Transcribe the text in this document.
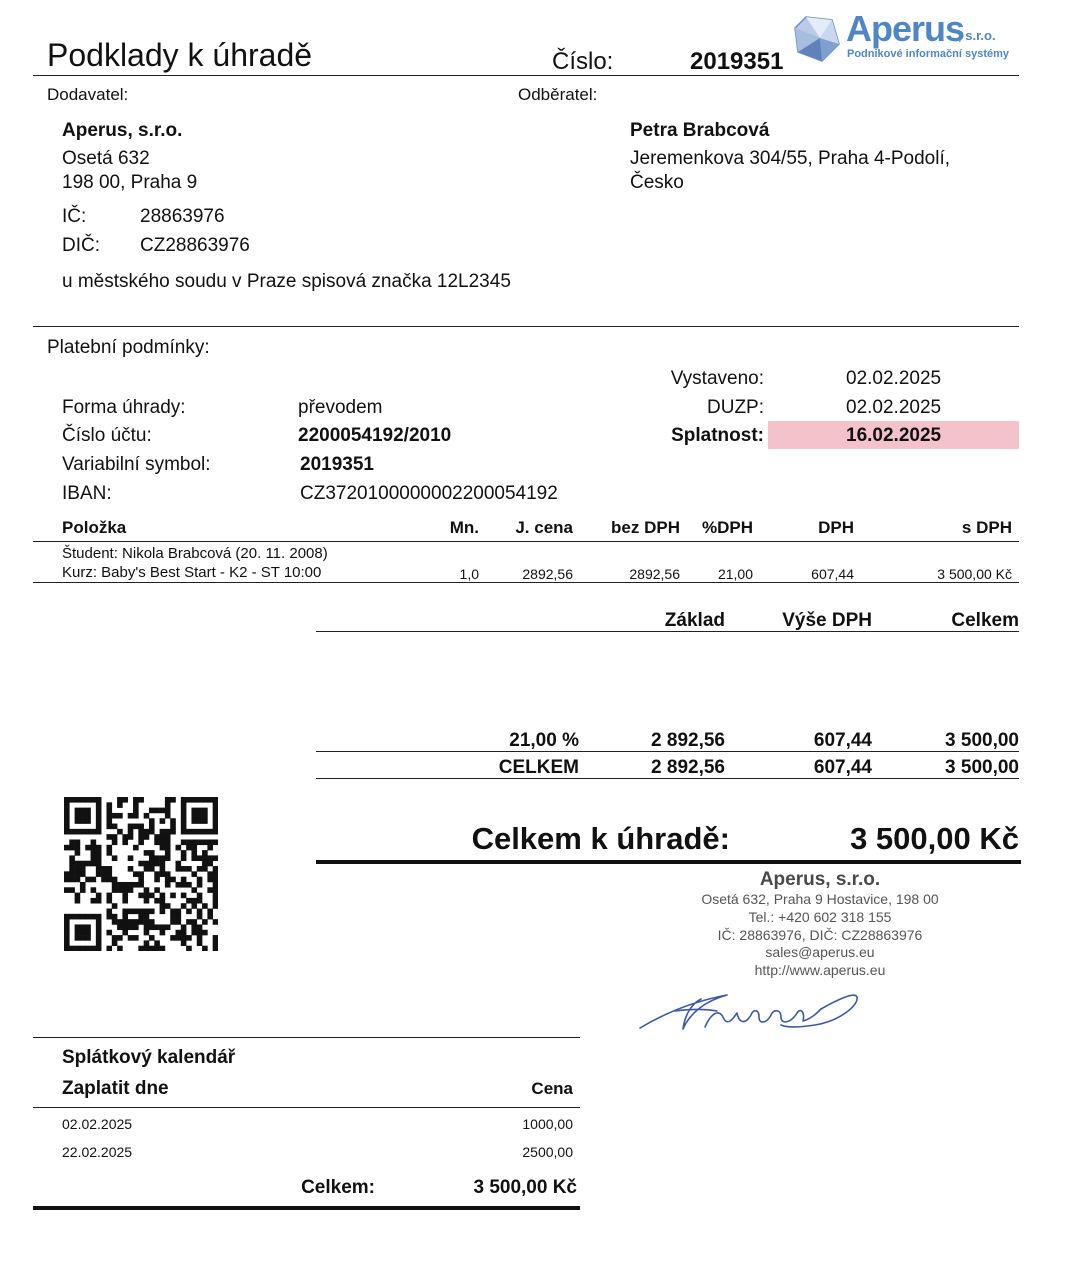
Podklady k úhradě	Číslo:	2019351
Aperus
, s.r.o.
Podnikové informační systémy
Dodavatel:	Odběratel:
Aperus, s.r.o.
Osetá 632
198 00, Praha 9
IČ:	28863976
DIČ: CZ28863976
u městského soudu v Praze spisová značka 12L2345
Petra Brabcová
Jeremenkova 304/55, Praha 4-Podolí,
Česko
Platební podmínky:
Forma úhrady:	převodem
Číslo účtu:	2200054192/2010
Variabilní symbol:	2019351
IBAN:	CZ3720100000002200054192
Vystaveno:	02.02.2025
DUZP:	02.02.2025
Splatnost:	16.02.2025
Položka	Mn.	J. cena	bez DPH	%DPH	DPH	s DPH
Študent: Nikola Brabcová (20. 11. 2008)
Kurz: Baby's Best Start - K2 - ST 10:00	1,0	2892,56	2892,56	21,00	607,44	3 500,00 Kč
Základ	Výše DPH	Celkem
21,00 %	2 892,56	607,44	3 500,00
CELKEM	2 892,56	607,44	3 500,00
Celkem k úhradě:	3 500,00 Kč
Aperus, s.r.o.
Osetá 632, Praha 9 Hostavice, 198 00
Tel.: +420 602 318 155
IČ: 28863976, DIČ: CZ28863976
sales@aperus.eu
http://www.aperus.eu
Splátkový kalendář
Zaplatit dne	Cena
02.02.2025	1000,00
22.02.2025	2500,00
Celkem:	3 500,00 Kč
